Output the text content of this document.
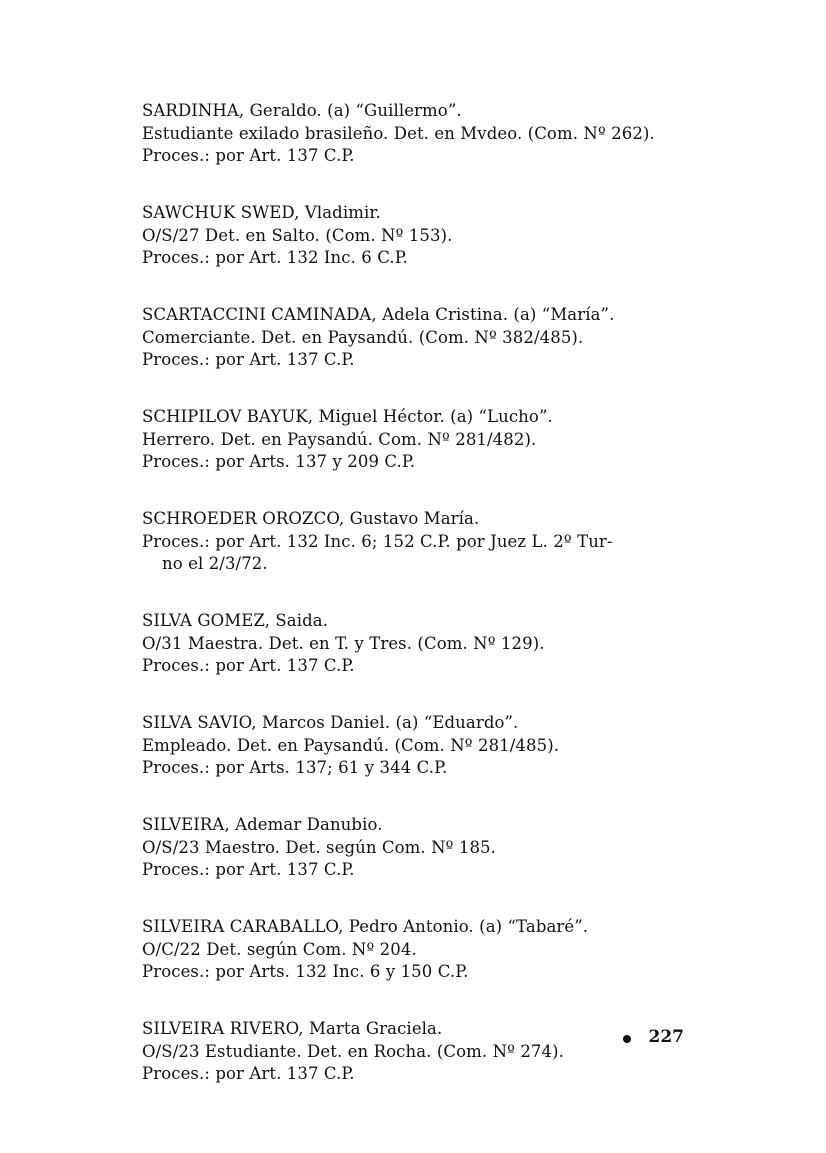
SARDINHA, Geraldo. (a) “Guillermo”.
Estudiante exilado brasileño. Det. en Mvdeo. (Com. Nº 262).
Proces.: por Art. 137 C.P.
SAWCHUK SWED, Vladimir.
O/S/27 Det. en Salto. (Com. Nº 153).
Proces.: por Art. 132 Inc. 6 C.P.
SCARTACCINI CAMINADA, Adela Cristina. (a) “María”.
Comerciante. Det. en Paysandú. (Com. Nº 382/485).
Proces.: por Art. 137 C.P.
SCHIPILOV BAYUK, Miguel Héctor. (a) “Lucho”.
Herrero. Det. en Paysandú. Com. Nº 281/482).
Proces.: por Arts. 137 y 209 C.P.
SCHROEDER OROZCO, Gustavo María.
Proces.: por Art. 132 Inc. 6; 152 C.P. por Juez L. 2º Tur-
no el 2/3/72.
SILVA GOMEZ, Saida.
O/31 Maestra. Det. en T. y Tres. (Com. Nº 129).
Proces.: por Art. 137 C.P.
SILVA SAVIO, Marcos Daniel. (a) “Eduardo”.
Empleado. Det. en Paysandú. (Com. Nº 281/485).
Proces.: por Arts. 137; 61 y 344 C.P.
SILVEIRA, Ademar Danubio.
O/S/23 Maestro. Det. según Com. Nº 185.
Proces.: por Art. 137 C.P.
SILVEIRA CARABALLO, Pedro Antonio. (a) “Tabaré”.
O/C/22 Det. según Com. Nº 204.
Proces.: por Arts. 132 Inc. 6 y 150 C.P.
SILVEIRA RIVERO, Marta Graciela.
O/S/23 Estudiante. Det. en Rocha. (Com. Nº 274).
Proces.: por Art. 137 C.P.
227
